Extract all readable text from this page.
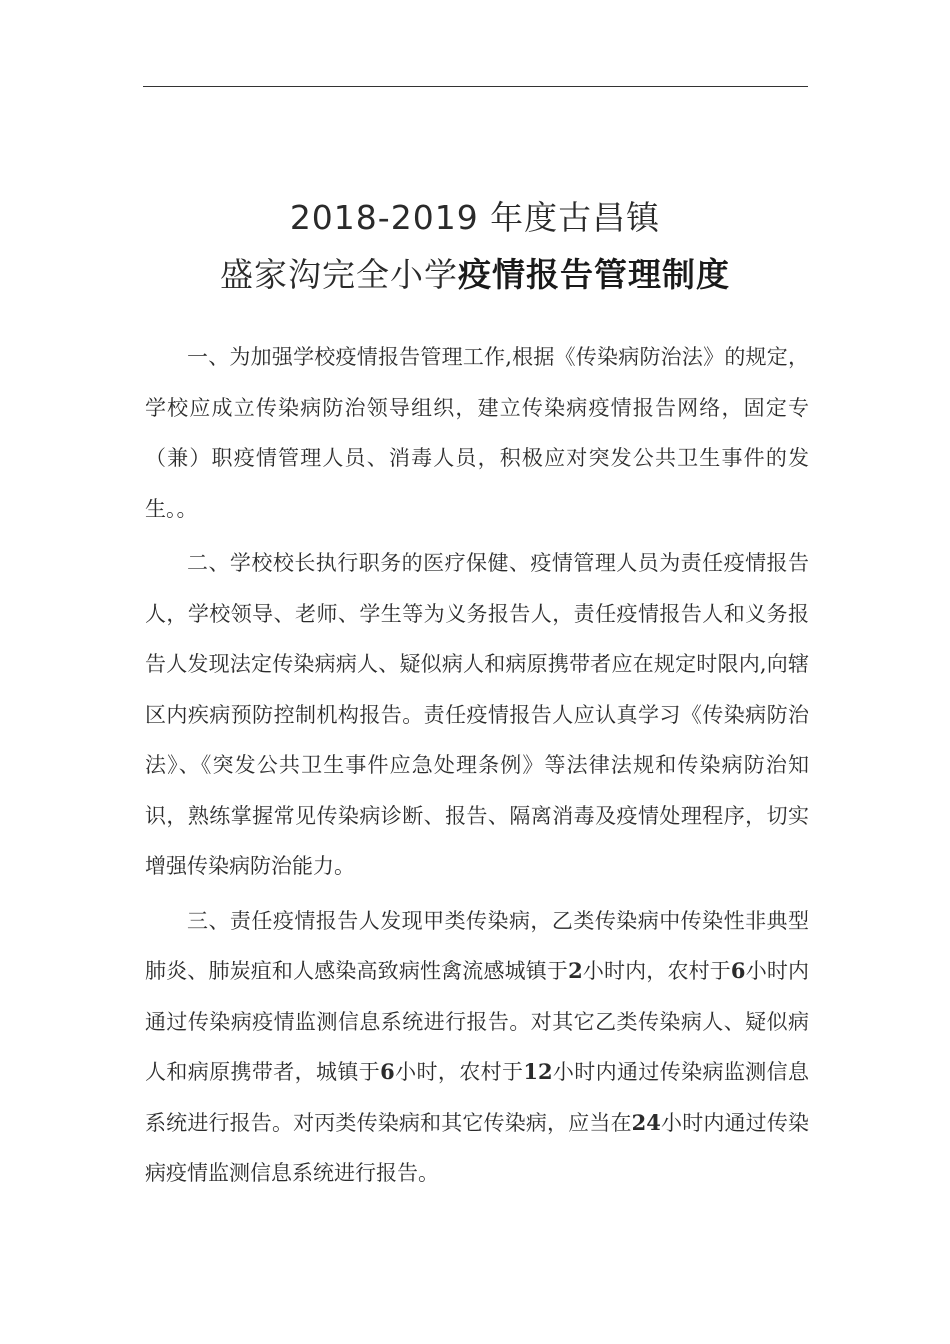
2018-2019 年度古昌镇
盛家沟完全小学疫情报告管理制度

一、为加强学校疫情报告管理工作,根据《传染病防治法》的规定，学校应成立传染病防治领导组织，建立传染病疫情报告网络，固定专（兼）职疫情管理人员、消毒人员，积极应对突发公共卫生事件的发生。。

二、学校校长执行职务的医疗保健、疫情管理人员为责任疫情报告人，学校领导、老师、学生等为义务报告人，责任疫情报告人和义务报告人发现法定传染病病人、疑似病人和病原携带者应在规定时限内,向辖区内疾病预防控制机构报告。责任疫情报告人应认真学习《传染病防治法》、《突发公共卫生事件应急处理条例》等法律法规和传染病防治知识，熟练掌握常见传染病诊断、报告、隔离消毒及疫情处理程序，切实增强传染病防治能力。

三、责任疫情报告人发现甲类传染病，乙类传染病中传染性非典型肺炎、肺炭疽和人感染高致病性禽流感城镇于2小时内，农村于6小时内通过传染病疫情监测信息系统进行报告。对其它乙类传染病人、疑似病人和病原携带者，城镇于6小时，农村于12小时内通过传染病监测信息系统进行报告。对丙类传染病和其它传染病，应当在24小时内通过传染病疫情监测信息系统进行报告。
